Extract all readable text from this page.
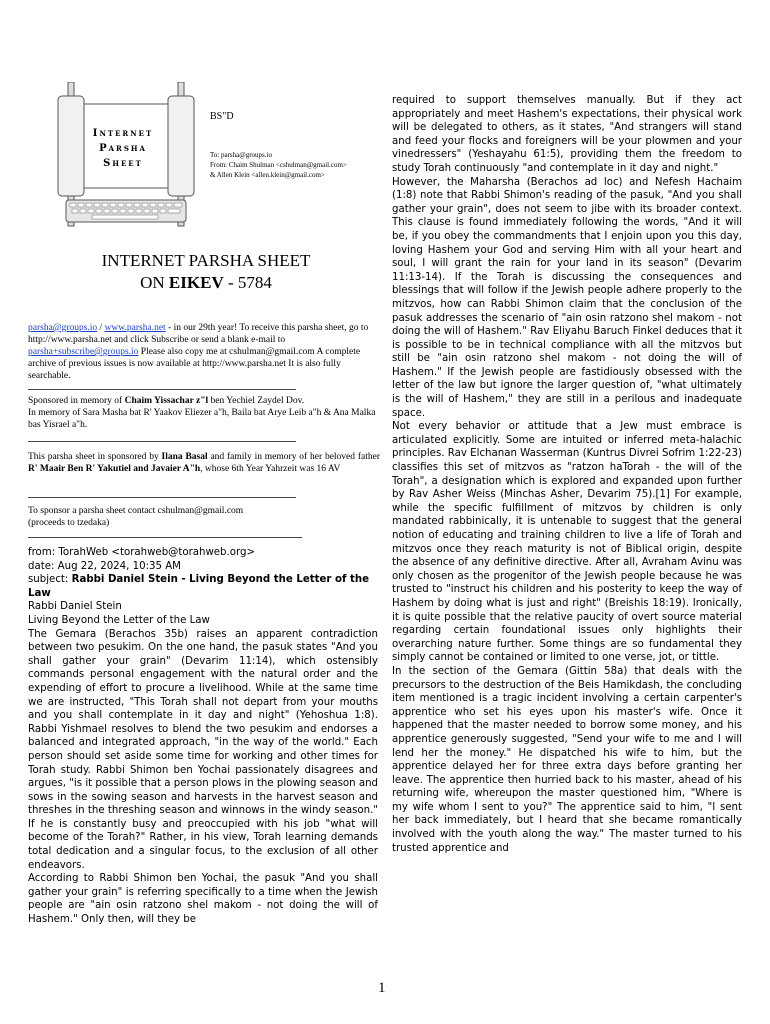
Internet
Parsha
Sheet
BS"D
To: parsha@groups.io
From: Chaim Shulman <cshulman@gmail.com>
& Allen Klein <allen.klein@gmail.com>
INTERNET PARSHA SHEET
ON EIKEV - 5784
parsha@groups.io / www.parsha.net - in our 29th year! To receive this parsha sheet, go to http://www.parsha.net and click Subscribe or send a blank e-mail to parsha+subscribe@groups.io Please also copy me at cshulman@gmail.com A complete archive of previous issues is now available at http://www.parsha.net It is also fully searchable.
Sponsored in memory of Chaim Yissachar z"l ben Yechiel Zaydel Dov.
In memory of Sara Masha bat R' Yaakov Eliezer a"h, Baila bat Arye Leib a"h & Ana Malka bas Yisrael a"h.
This parsha sheet in sponsored by Ilana Basal and family in memory of her beloved father R' Maair Ben R' Yakutiel and Javaier A"h, whose 6th Year Yahrzeit was 16 AV
To sponsor a parsha sheet contact cshulman@gmail.com
(proceeds to tzedaka)

from: TorahWeb <torahweb@torahweb.org>

date: Aug 22, 2024, 10:35 AM

subject: Rabbi Daniel Stein - Living Beyond the Letter of the Law

Rabbi Daniel Stein

Living Beyond the Letter of the Law

The Gemara (Berachos 35b) raises an apparent contradiction between two pesukim. On the one hand, the pasuk states "And you shall gather your grain" (Devarim 11:14), which ostensibly commands personal engagement with the natural order and the expending of effort to procure a livelihood. While at the same time we are instructed, "This Torah shall not depart from your mouths and you shall contemplate in it day and night" (Yehoshua 1:8). Rabbi Yishmael resolves to blend the two pesukim and endorses a balanced and integrated approach, "in the way of the world." Each person should set aside some time for working and other times for Torah study. Rabbi Shimon ben Yochai passionately disagrees and argues, "is it possible that a person plows in the plowing season and sows in the sowing season and harvests in the harvest season and threshes in the threshing season and winnows in the windy season." If he is constantly busy and preoccupied with his job "what will become of the Torah?" Rather, in his view, Torah learning demands total dedication and a singular focus, to the exclusion of all other endeavors.

According to Rabbi Shimon ben Yochai, the pasuk "And you shall gather your grain" is referring specifically to a time when the Jewish people are "ain osin ratzono shel makom - not doing the will of Hashem." Only then, will they be

required to support themselves manually. But if they act appropriately and meet Hashem's expectations, their physical work will be delegated to others, as it states, "And strangers will stand and feed your flocks and foreigners will be your plowmen and your vinedressers" (Yeshayahu 61:5), providing them the freedom to study Torah continuously "and contemplate in it day and night."

However, the Maharsha (Berachos ad loc) and Nefesh Hachaim (1:8) note that Rabbi Shimon's reading of the pasuk, "And you shall gather your grain", does not seem to jibe with its broader context. This clause is found immediately following the words, "And it will be, if you obey the commandments that I enjoin upon you this day, loving Hashem your God and serving Him with all your heart and soul, I will grant the rain for your land in its season" (Devarim 11:13-14). If the Torah is discussing the consequences and blessings that will follow if the Jewish people adhere properly to the mitzvos, how can Rabbi Shimon claim that the conclusion of the pasuk addresses the scenario of "ain osin ratzono shel makom - not doing the will of Hashem." Rav Eliyahu Baruch Finkel deduces that it is possible to be in technical compliance with all the mitzvos but still be "ain osin ratzono shel makom - not doing the will of Hashem." If the Jewish people are fastidiously obsessed with the letter of the law but ignore the larger question of, "what ultimately is the will of Hashem," they are still in a perilous and inadequate space.

Not every behavior or attitude that a Jew must embrace is articulated explicitly. Some are intuited or inferred meta-halachic principles. Rav Elchanan Wasserman (Kuntrus Divrei Sofrim 1:22-23) classifies this set of mitzvos as "ratzon haTorah - the will of the Torah", a designation which is explored and expanded upon further by Rav Asher Weiss (Minchas Asher, Devarim 75).[1] For example, while the specific fulfillment of mitzvos by children is only mandated rabbinically, it is untenable to suggest that the general notion of educating and training children to live a life of Torah and mitzvos once they reach maturity is not of Biblical origin, despite the absence of any definitive directive. After all, Avraham Avinu was only chosen as the progenitor of the Jewish people because he was trusted to "instruct his children and his posterity to keep the way of Hashem by doing what is just and right" (Breishis 18:19). Ironically, it is quite possible that the relative paucity of overt source material regarding certain foundational issues only highlights their overarching nature further. Some things are so fundamental they simply cannot be contained or limited to one verse, jot, or tittle.

In the section of the Gemara (Gittin 58a) that deals with the precursors to the destruction of the Beis Hamikdash, the concluding item mentioned is a tragic incident involving a certain carpenter's apprentice who set his eyes upon his master's wife. Once it happened that the master needed to borrow some money, and his apprentice generously suggested, "Send your wife to me and I will lend her the money." He dispatched his wife to him, but the apprentice delayed her for three extra days before granting her leave. The apprentice then hurried back to his master, ahead of his returning wife, whereupon the master questioned him, "Where is my wife whom I sent to you?" The apprentice said to him, "I sent her back immediately, but I heard that she became romantically involved with the youth along the way." The master turned to his trusted apprentice and

1
